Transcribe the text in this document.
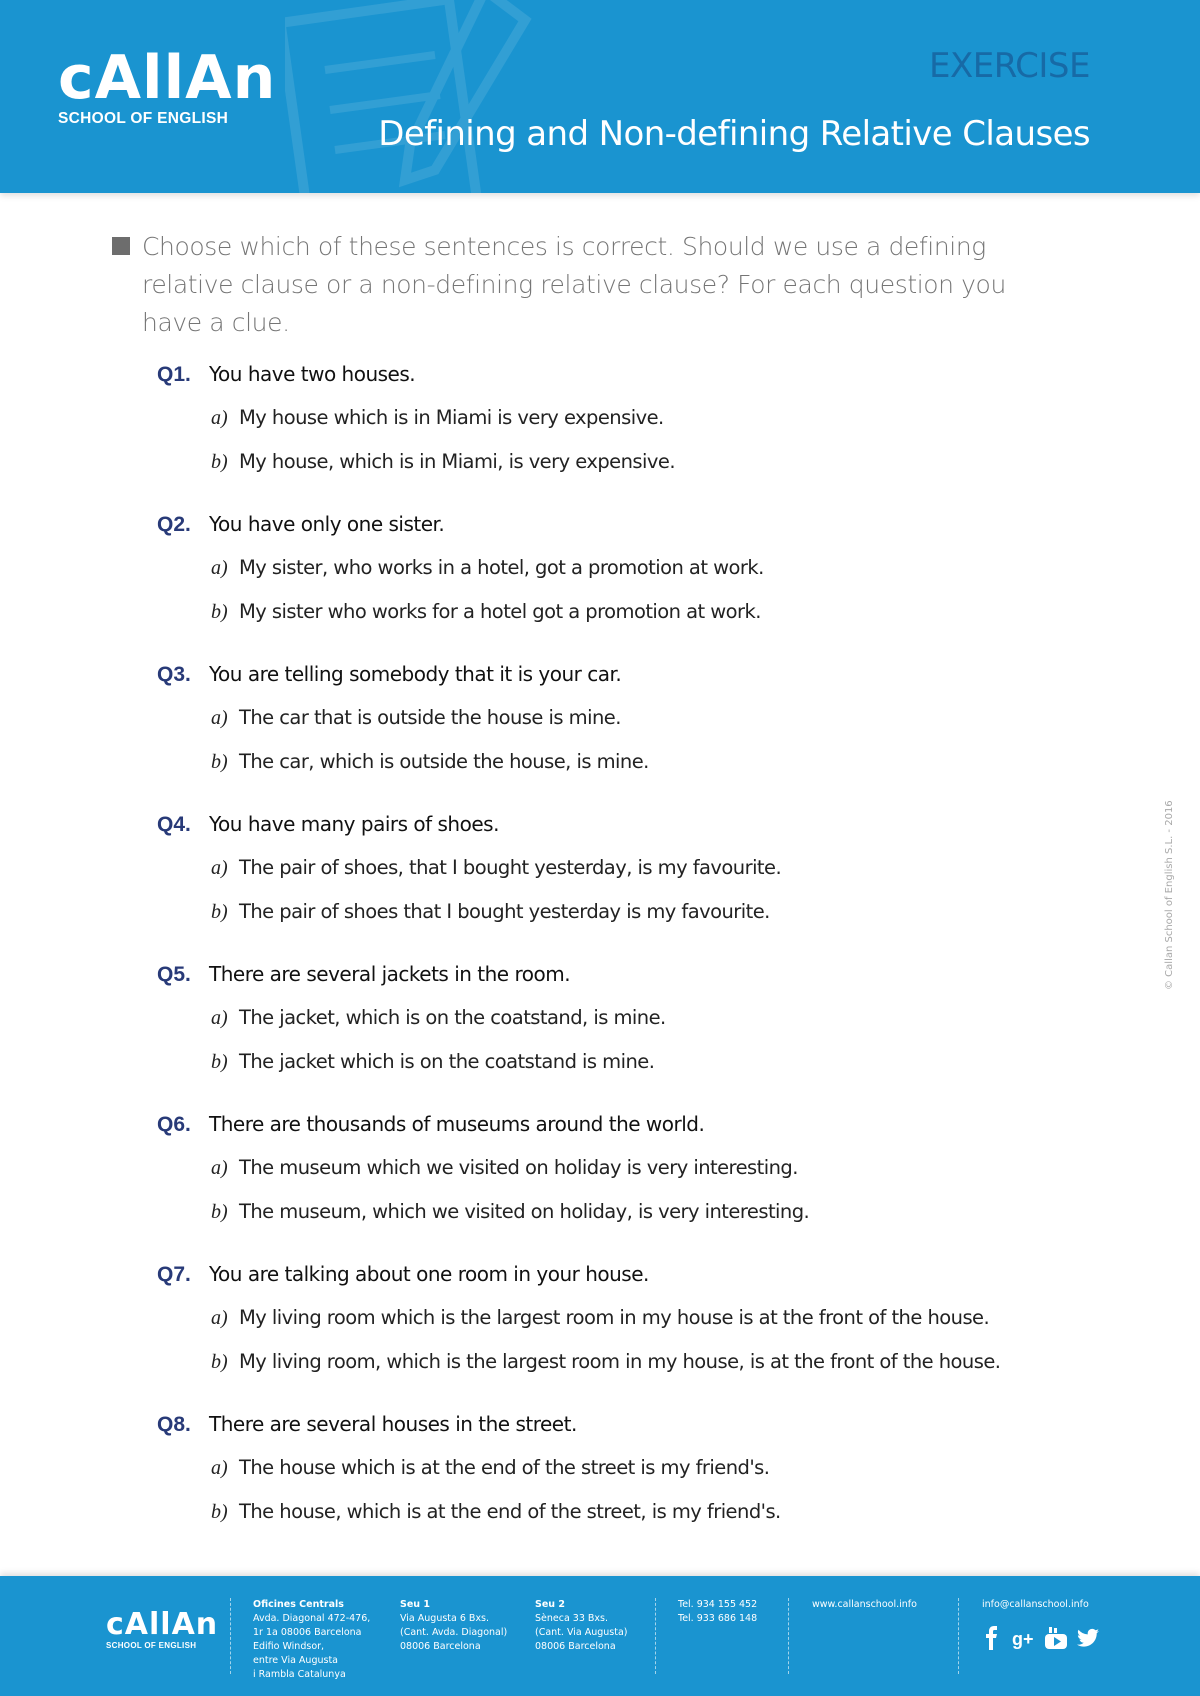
cAllAn
SCHOOL OF ENGLISH
EXERCISE
Defining and Non-defining Relative Clauses
Choose which of these sentences is correct. Should we use a defining relative clause or a non-defining relative clause? For each question you have a clue.
Q1. You have two houses.
a) My house which is in Miami is very expensive.
b) My house, which is in Miami, is very expensive.
Q2. You have only one sister.
a) My sister, who works in a hotel, got a promotion at work.
b) My sister who works for a hotel got a promotion at work.
Q3. You are telling somebody that it is your car.
a) The car that is outside the house is mine.
b) The car, which is outside the house, is mine.
Q4. You have many pairs of shoes.
a) The pair of shoes, that I bought yesterday, is my favourite.
b) The pair of shoes that I bought yesterday is my favourite.
Q5. There are several jackets in the room.
a) The jacket, which is on the coatstand, is mine.
b) The jacket which is on the coatstand is mine.
Q6. There are thousands of museums around the world.
a) The museum which we visited on holiday is very interesting.
b) The museum, which we visited on holiday, is very interesting.
Q7. You are talking about one room in your house.
a) My living room which is the largest room in my house is at the front of the house.
b) My living room, which is the largest room in my house, is at the front of the house.
Q8. There are several houses in the street.
a) The house which is at the end of the street is my friend's.
b) The house, which is at the end of the street, is my friend's.
© Callan School of English S.L. - 2016
cAllAn
SCHOOL OF ENGLISH
Oficines Centrals
Avda. Diagonal 472-476,
1r 1a 08006 Barcelona
Edifio Windsor,
entre Via Augusta
i Rambla Catalunya
Seu 1
Via Augusta 6 Bxs.
(Cant. Avda. Diagonal)
08006 Barcelona
Seu 2
Sèneca 33 Bxs.
(Cant. Via Augusta)
08006 Barcelona
Tel. 934 155 452
Tel. 933 686 148
www.callanschool.info	info@callanschool.info
g+
